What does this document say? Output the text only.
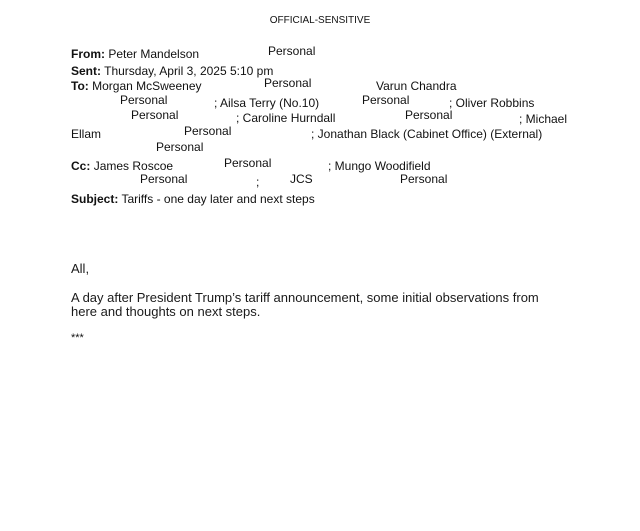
OFFICIAL-SENSITIVE
From: Peter Mandelson	Personal
Sent: Thursday, April 3, 2025 5:10 pm
To: Morgan McSweeney	Personal	Varun Chandra
Personal	; Ailsa Terry (No.10)	Personal	; Oliver Robbins
Personal	; Caroline Hurndall	Personal	; Michael
Ellam	Personal	; Jonathan Black (Cabinet Office) (External)
Personal
Cc: James Roscoe	Personal	; Mungo Woodifield
Personal	;	JCS	Personal
Subject: Tariffs - one day later and next steps
All,
A day after President Trump’s tariff announcement, some initial observations from
here and thoughts on next steps.
***
